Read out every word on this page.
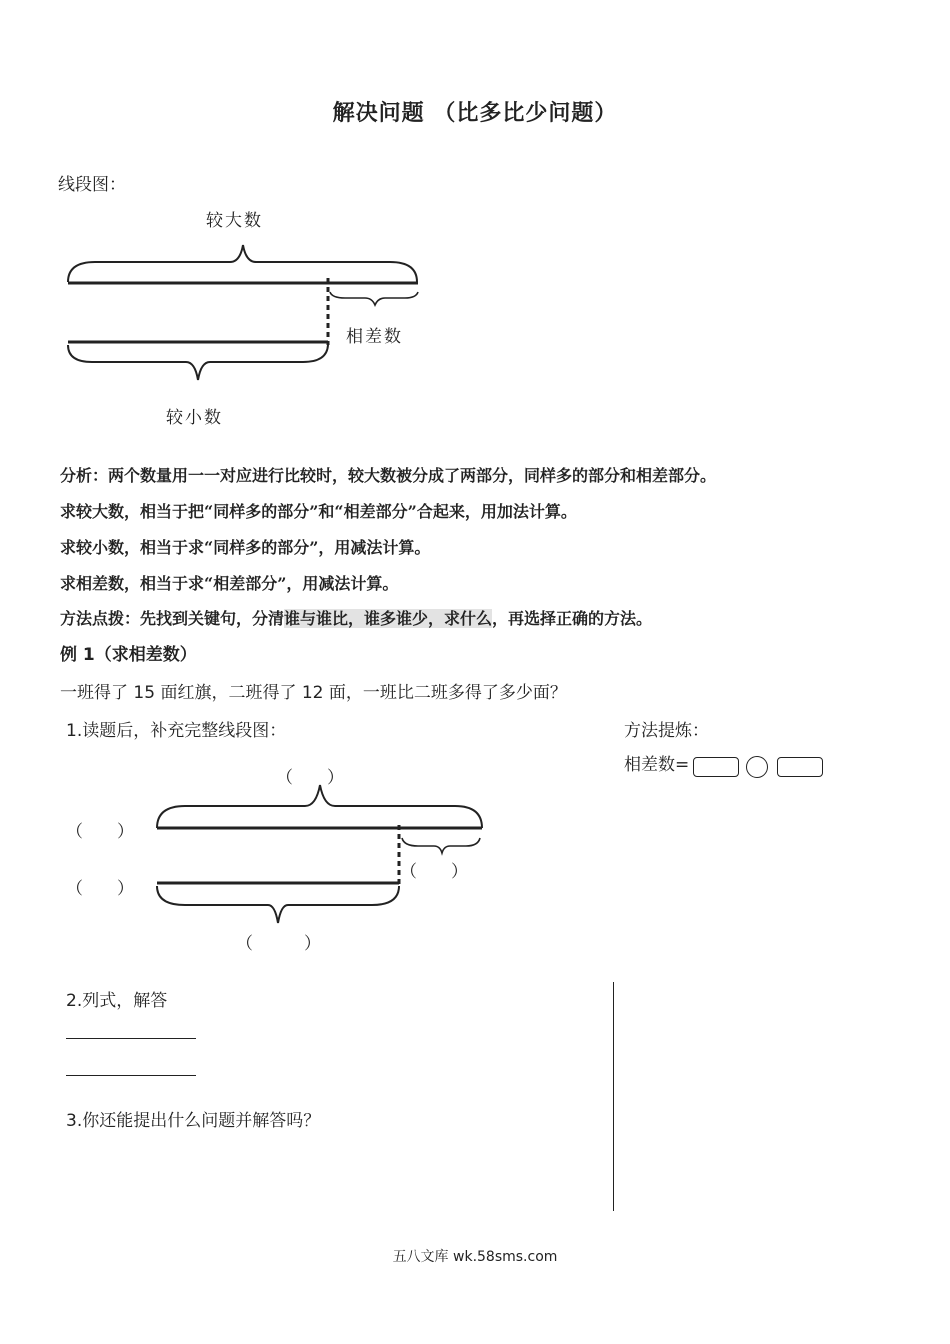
解决问题 （比多比少问题）
线段图：
较大数
相差数
较小数
分析：两个数量用一一对应进行比较时，较大数被分成了两部分，同样多的部分和相差部分。
求较大数，相当于把“同样多的部分”和“相差部分”合起来，用加法计算。
求较小数，相当于求“同样多的部分”，用减法计算。
求相差数，相当于求“相差部分”，用减法计算。
方法点拨：先找到关键句，分清谁与谁比，谁多谁少，求什么，再选择正确的方法。
例 1（求相差数）
一班得了 15 面红旗，二班得了 12 面，一班比二班多得了多少面？
1.读题后，补充完整线段图：	方法提炼：
相差数=
（　　）
（　　）
（　　）
（　　）
（　　　）
2.列式，解答
3.你还能提出什么问题并解答吗？
五八文库 wk.58sms.com
